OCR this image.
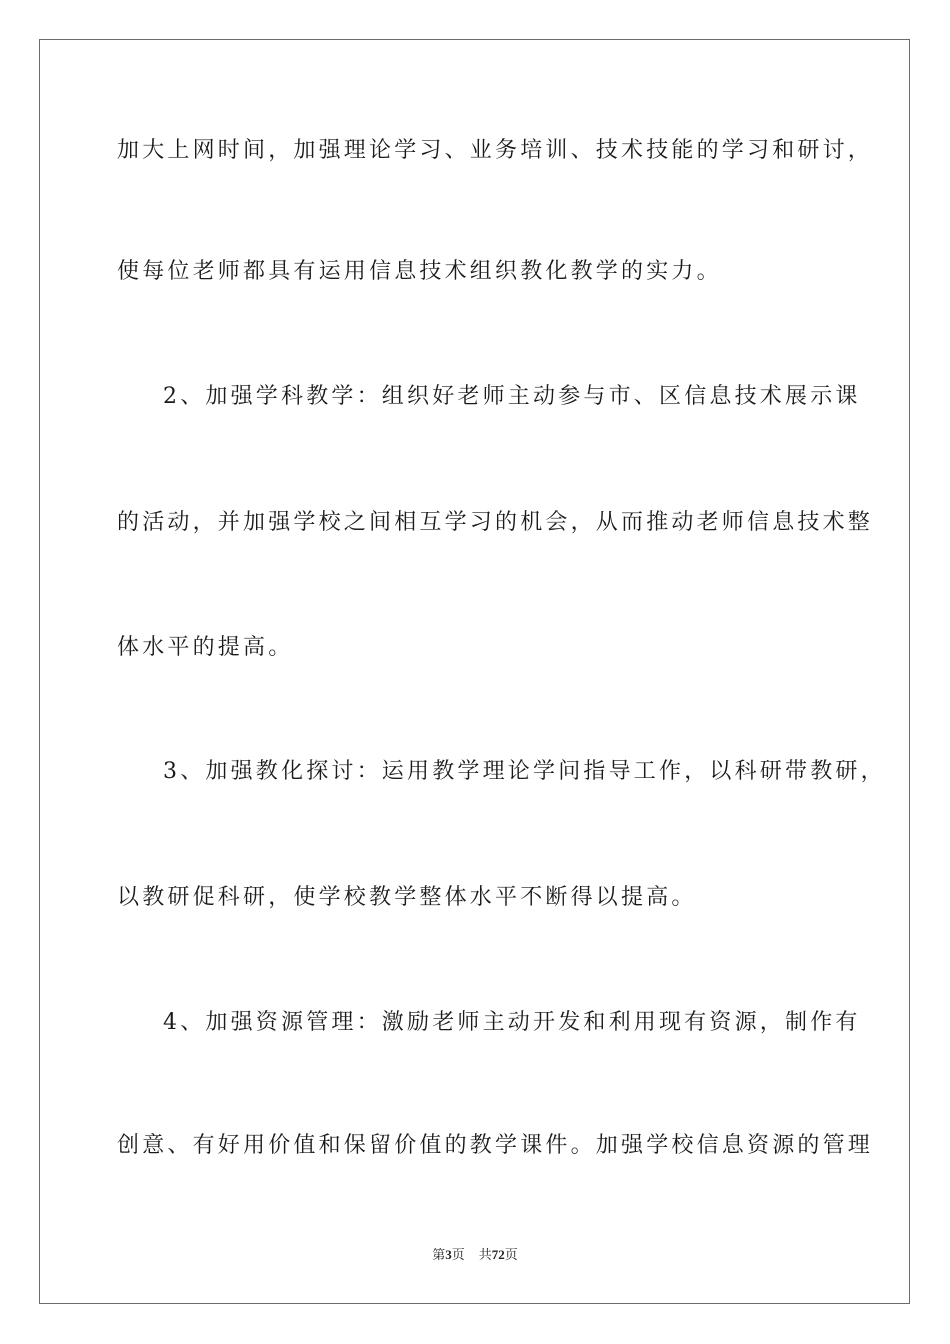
加大上网时间，加强理论学习、业务培训、技术技能的学习和研讨，
使每位老师都具有运用信息技术组织教化教学的实力。
2、加强学科教学：组织好老师主动参与市、区信息技术展示课
的活动，并加强学校之间相互学习的机会，从而推动老师信息技术整
体水平的提高。
3、加强教化探讨：运用教学理论学问指导工作，以科研带教研，
以教研促科研，使学校教学整体水平不断得以提高。
4、加强资源管理：激励老师主动开发和利用现有资源，制作有
创意、有好用价值和保留价值的教学课件。加强学校信息资源的管理
第3页 共72页
